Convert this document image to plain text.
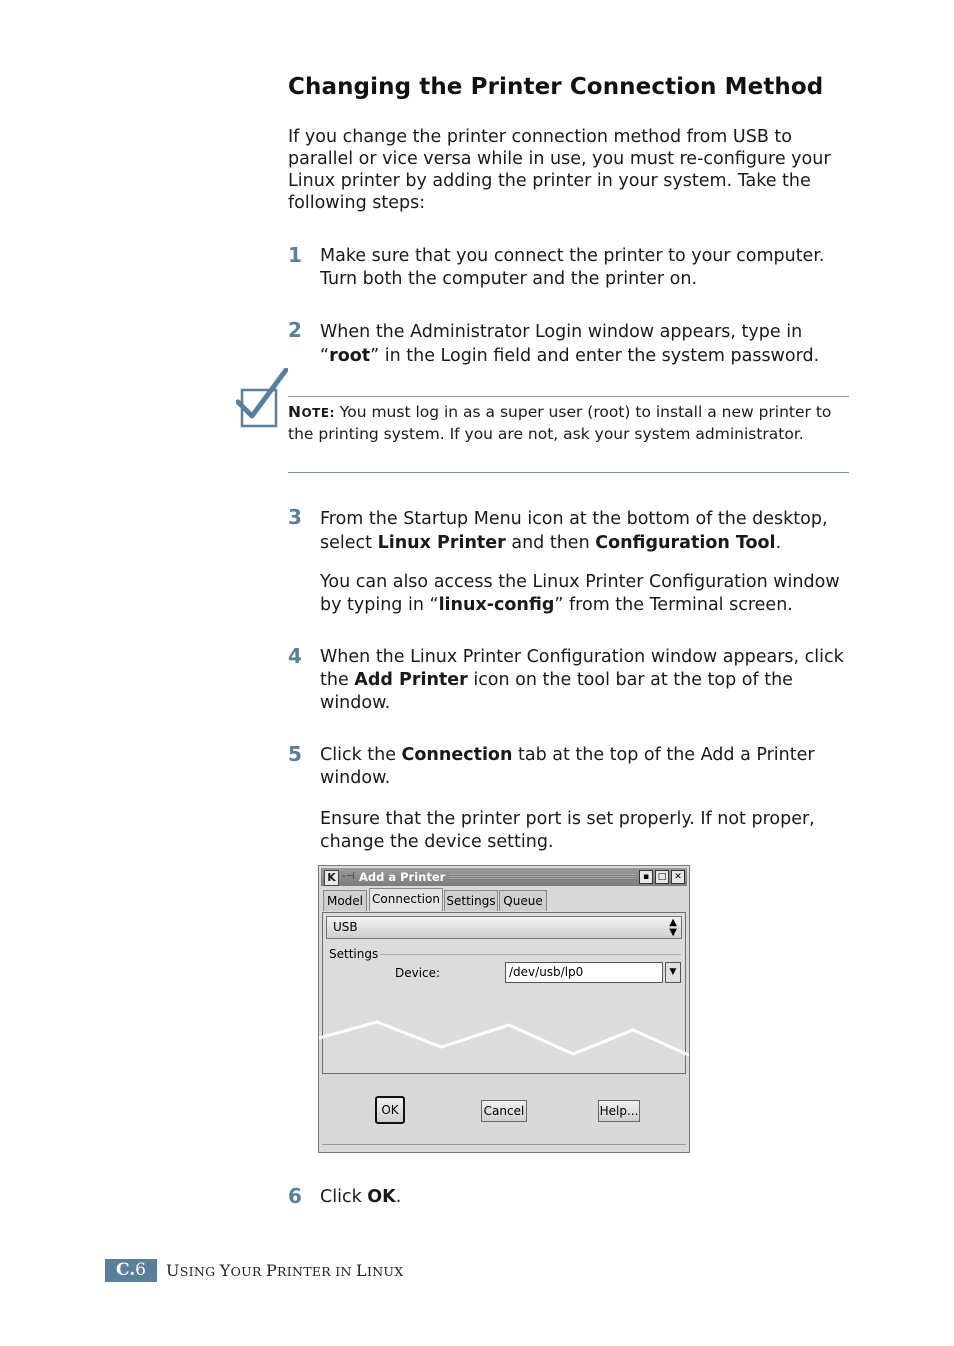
Changing the Printer Connection Method

If you change the printer connection method from USB to parallel or vice versa while in use, you must re-configure your Linux printer by adding the printer in your system. Take the following steps:

1 Make sure that you connect the printer to your computer. Turn both the computer and the printer on.

2 When the Administrator Login window appears, type in “root” in the Login field and enter the system password.

NOTE: You must log in as a super user (root) to install a new printer to the printing system. If you are not, ask your system administrator.
3 From the Startup Menu icon at the bottom of the desktop, select Linux Printer and then Configuration Tool.

You can also access the Linux Printer Configuration window by typing in “linux-config” from the Terminal screen.

4 When the Linux Printer Configuration window appears, click the Add Printer icon on the tool bar at the top of the window.

5 Click the Connection tab at the top of the Add a Printer window.

Ensure that the printer port is set properly. If not proper, change the device setting.

K -⊣ Add a Printer	▪ □ ✕
Model Connection Settings Queue
USB	▲
▼
Settings
Device:	/dev/usb/lp0	▼
OK	Cancel	Help...
6 Click OK.

C.6	USING YOUR PRINTER IN LINUX
